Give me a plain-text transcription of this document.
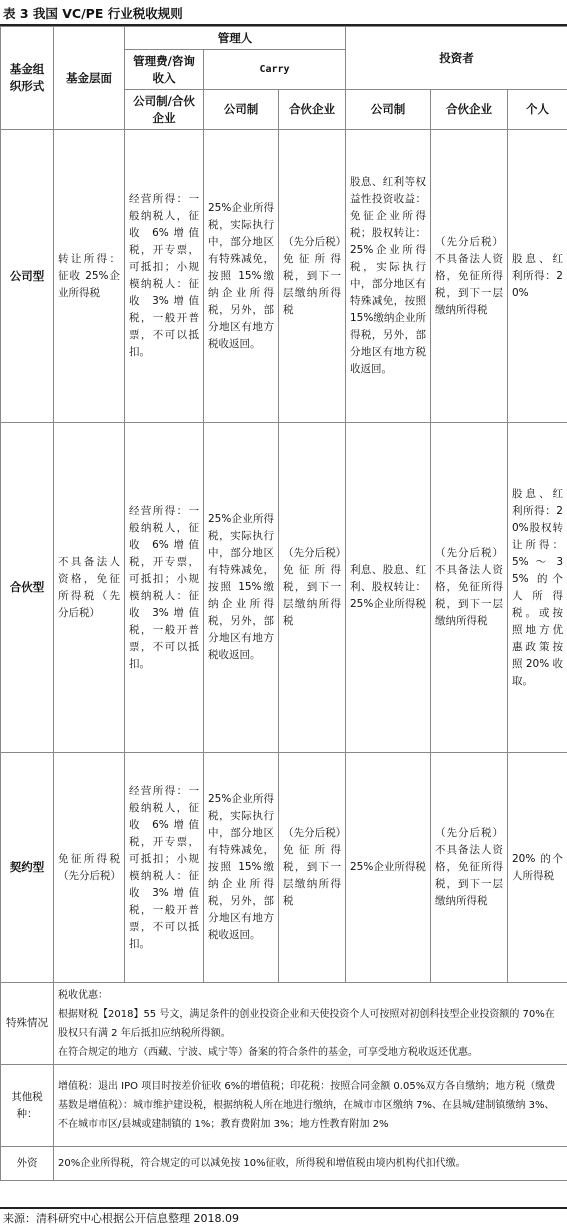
表 3 我国 VC/PE 行业税收规则
基金组织形式	基金层面	管理人			投资者		
		管理费/咨询收入	Carry				
		公司制/合伙企业	公司制	合伙企业	公司制	合伙企业	个人
公司型	转让所得：征收 25%企业所得税	经营所得：一般纳税人，征收 6%增值税，开专票，可抵扣；小规模纳税人：征收 3%增值税，一般开普票，不可以抵扣。	25%企业所得税，实际执行中，部分地区有特殊减免，按照 15%缴纳企业所得税，另外，部分地区有地方税收返回。	（先分后税）免征所得税，到下一层缴纳所得税	股息、红利等权益性投资收益：免征企业所得税；股权转让：25%企业所得税，实际执行中，部分地区有特殊减免，按照 15%缴纳企业所得税，另外，部分地区有地方税收返回。	（先分后税）不具备法人资格，免征所得税，到下一层缴纳所得税	股息、红利所得：20%
合伙型	不具备法人资格，免征所得税（先分后税）	经营所得：一般纳税人，征收 6%增值税，开专票，可抵扣；小规模纳税人：征收 3%增值税，一般开普票，不可以抵扣。	25%企业所得税，实际执行中，部分地区有特殊减免，按照 15%缴纳企业所得税，另外，部分地区有地方税收返回。	（先分后税）免征所得税，到下一层缴纳所得税	利息、股息、红利、股权转让：25%企业所得税	（先分后税）不具备法人资格，免征所得税，到下一层缴纳所得税	股息、红利所得：20%股权转让所得：5% ～ 35% 的个人所得税。或按照地方优惠政策按照 20% 收取。
契约型	免征所得税（先分后税）	经营所得：一般纳税人，征收 6%增值税，开专票，可抵扣；小规模纳税人：征收 3%增值税，一般开普票，不可以抵扣。	25%企业所得税，实际执行中，部分地区有特殊减免，按照 15%缴纳企业所得税，另外，部分地区有地方税收返回。	（先分后税）免征所得税，到下一层缴纳所得税	25%企业所得税	（先分后税）不具备法人资格，免征所得税，到下一层缴纳所得税	20% 的个人所得税
特殊情况	税收优惠：
根据财税【2018】55 号文，满足条件的创业投资企业和天使投资个人可按照对初创科技型企业投资额的 70%在股权只有满 2 年后抵扣应纳税所得额。
在符合规定的地方（西藏、宁波、咸宁等）备案的符合条件的基金，可享受地方税收返还优惠。						

其他税种：	增值税：退出 IPO 项目时按差价征收 6%的增值税；印花税：按照合同金额 0.05%双方各自缴纳；地方税（缴费基数是增值税）：城市维护建设税，根据纳税人所在地进行缴纳，在城市市区缴纳 7%、在县城/建制镇缴纳 3%、不在城市市区/县城或建制镇的 1%；教育费附加 3%；地方性教育附加 2%						
外资	20%企业所得税，符合规定的可以减免按 10%征收，所得税和增值税由境内机构代扣代缴。						
来源：清科研究中心根据公开信息整理 2018.09
